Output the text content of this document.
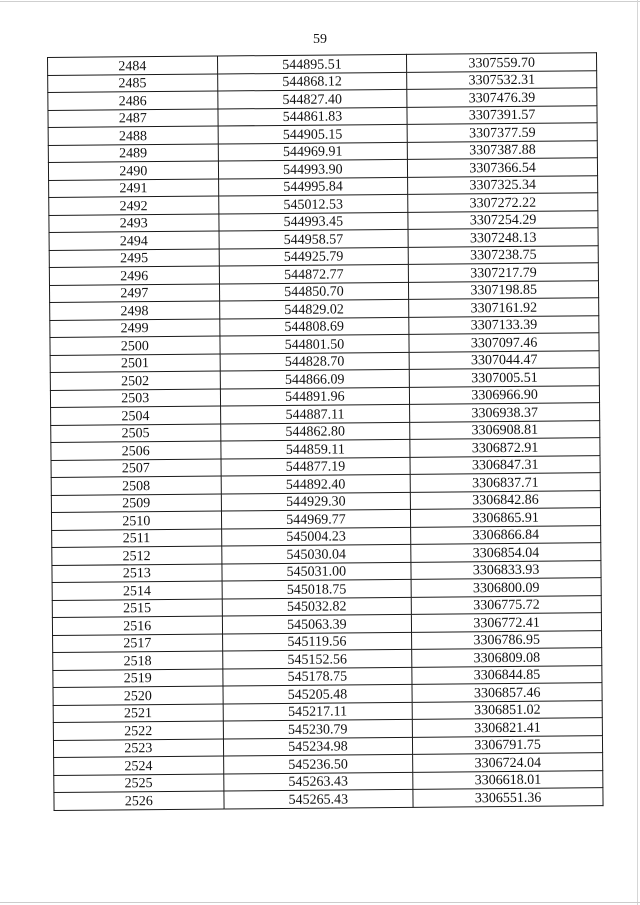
59
2484	544895.51	3307559.70
2485	544868.12	3307532.31
2486	544827.40	3307476.39
2487	544861.83	3307391.57
2488	544905.15	3307377.59
2489	544969.91	3307387.88
2490	544993.90	3307366.54
2491	544995.84	3307325.34
2492	545012.53	3307272.22
2493	544993.45	3307254.29
2494	544958.57	3307248.13
2495	544925.79	3307238.75
2496	544872.77	3307217.79
2497	544850.70	3307198.85
2498	544829.02	3307161.92
2499	544808.69	3307133.39
2500	544801.50	3307097.46
2501	544828.70	3307044.47
2502	544866.09	3307005.51
2503	544891.96	3306966.90
2504	544887.11	3306938.37
2505	544862.80	3306908.81
2506	544859.11	3306872.91
2507	544877.19	3306847.31
2508	544892.40	3306837.71
2509	544929.30	3306842.86
2510	544969.77	3306865.91
2511	545004.23	3306866.84
2512	545030.04	3306854.04
2513	545031.00	3306833.93
2514	545018.75	3306800.09
2515	545032.82	3306775.72
2516	545063.39	3306772.41
2517	545119.56	3306786.95
2518	545152.56	3306809.08
2519	545178.75	3306844.85
2520	545205.48	3306857.46
2521	545217.11	3306851.02
2522	545230.79	3306821.41
2523	545234.98	3306791.75
2524	545236.50	3306724.04
2525	545263.43	3306618.01
2526	545265.43	3306551.36
